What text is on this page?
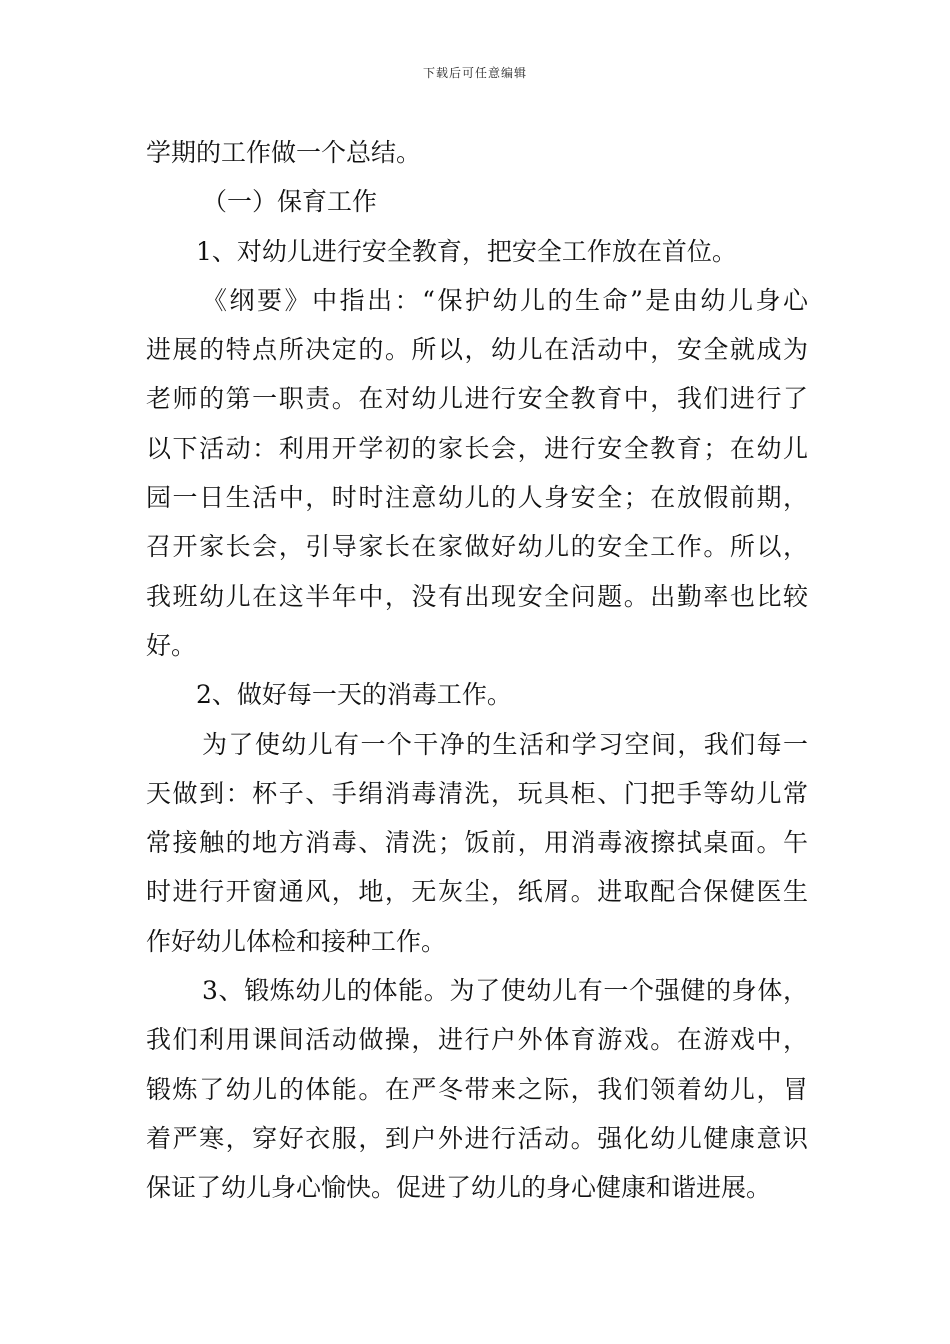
下载后可任意编辑
学期的工作做一个总结。
（一）保育工作
1、对幼儿进行安全教育，把安全工作放在首位。
《纲要》中指出：“保护幼儿的生命”是由幼儿身心
进展的特点所决定的。所以，幼儿在活动中，安全就成为
老师的第一职责。在对幼儿进行安全教育中，我们进行了
以下活动：利用开学初的家长会，进行安全教育；在幼儿
园一日生活中，时时注意幼儿的人身安全；在放假前期，
召开家长会，引导家长在家做好幼儿的安全工作。所以，
我班幼儿在这半年中，没有出现安全问题。出勤率也比较
好。
2、做好每一天的消毒工作。
为了使幼儿有一个干净的生活和学习空间，我们每一
天做到：杯子、手绢消毒清洗，玩具柜、门把手等幼儿常
常接触的地方消毒、清洗；饭前，用消毒液擦拭桌面。午
时进行开窗通风，地，无灰尘，纸屑。进取配合保健医生
作好幼儿体检和接种工作。
3、锻炼幼儿的体能。为了使幼儿有一个强健的身体，
我们利用课间活动做操，进行户外体育游戏。在游戏中，
锻炼了幼儿的体能。在严冬带来之际，我们领着幼儿，冒
着严寒，穿好衣服，到户外进行活动。强化幼儿健康意识
保证了幼儿身心愉快。促进了幼儿的身心健康和谐进展。
